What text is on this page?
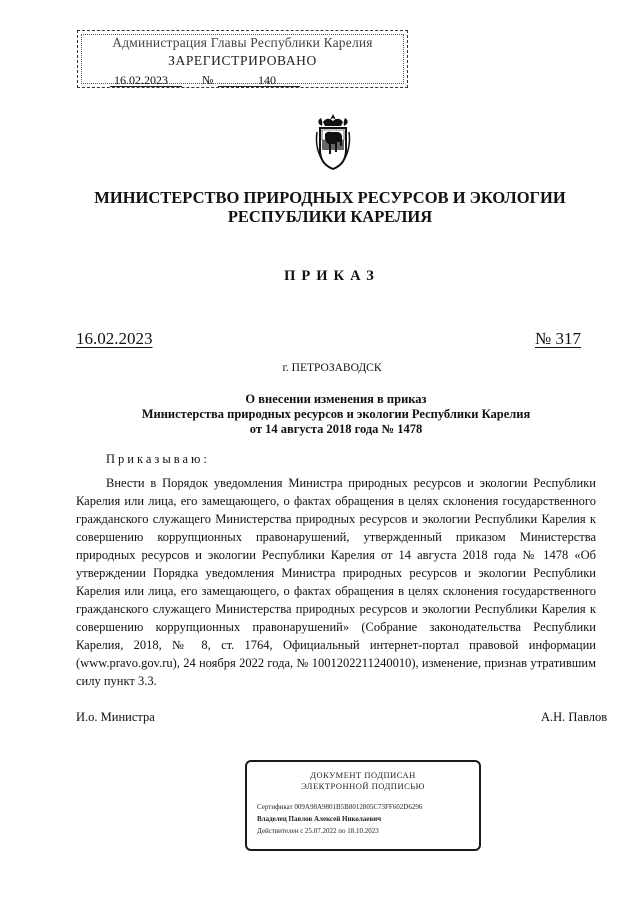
Администрация Главы Республики Карелия
ЗАРЕГИСТРИРОВАНО
16.02.2023	№	140
МИНИСТЕРСТВО ПРИРОДНЫХ РЕСУРСОВ И ЭКОЛОГИИ
РЕСПУБЛИКИ КАРЕЛИЯ
ПРИКАЗ
16.02.2023	№ 317
г. ПЕТРОЗАВОДСК
О внесении изменения в приказ
Министерства природных ресурсов и экологии Республики Карелия
от 14 августа 2018 года № 1478
Приказываю:
Внести в Порядок уведомления Министра природных ресурсов и экологии Республики Карелия или лица, его замещающего, о фактах обращения в целях склонения государственного гражданского служащего Министерства природных ресурсов и экологии Республики Карелия к совершению коррупционных правонарушений, утвержденный приказом Министерства природных ресурсов и экологии Республики Карелия от 14 августа 2018 года № 1478 «Об утверждении Порядка уведомления Министра природных ресурсов и экологии Республики Карелия или лица, его замещающего, о фактах обращения в целях склонения государственного гражданского служащего Министерства природных ресурсов и экологии Республики Карелия к совершению коррупционных правонарушений» (Собрание законодательства Республики Карелия, 2018, № 8, ст. 1764, Официальный интернет-портал правовой информации (www.pravo.gov.ru), 24 ноября 2022 года, № 1001202211240010), изменение, признав утратившим силу пункт 3.3.
И.о. Министра	А.Н. Павлов
ДОКУМЕНТ ПОДПИСАН
ЭЛЕКТРОННОЙ ПОДПИСЬЮ
Сертификат 009A98A9801B5B8012805C73FF602D6296
Владелец Павлов Алексей Николаевич
Действителен с 25.07.2022 по 18.10.2023
